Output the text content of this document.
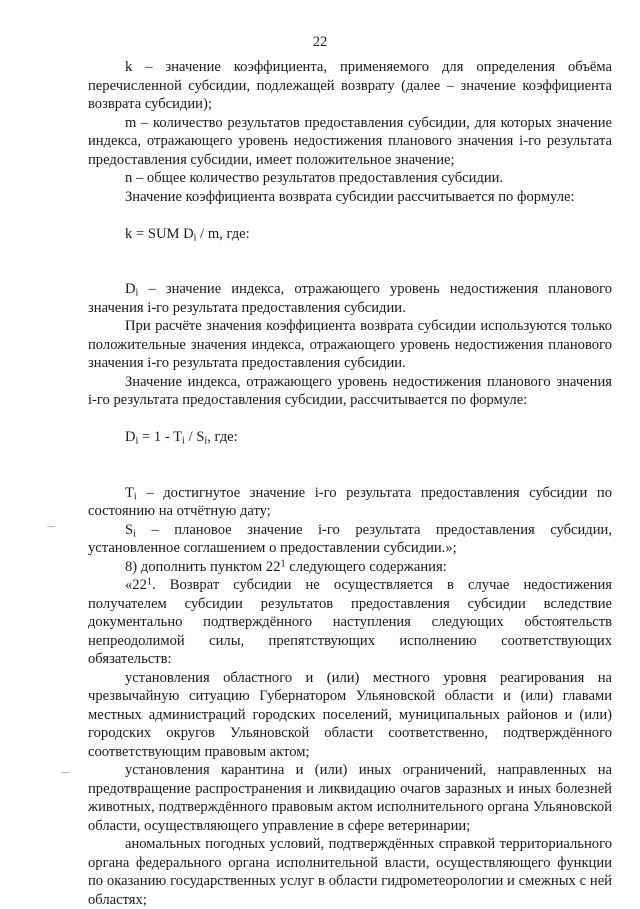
22

k – значение коэффициента, применяемого для определения объёма перечисленной субсидии, подлежащей возврату (далее – значение коэффициента возврата субсидии);

m – количество результатов предоставления субсидии, для которых значение индекса, отражающего уровень недостижения планового значения i-го результата предоставления субсидии, имеет положительное значение;

n – общее количество результатов предоставления субсидии.

Значение коэффициента возврата субсидии рассчитывается по формуле:

k = SUM $D_i$ / m, где:

$D_i$ – значение индекса, отражающего уровень недостижения планового значения i-го результата предоставления субсидии.

При расчёте значения коэффициента возврата субсидии используются только положительные значения индекса, отражающего уровень недостижения планового значения i-го результата предоставления субсидии.

Значение индекса, отражающего уровень недостижения планового значения i-го результата предоставления субсидии, рассчитывается по формуле:

$D_i = 1 - T_i / S_i$, где:

$T_i$ – достигнутое значение i-го результата предоставления субсидии по состоянию на отчётную дату;

$S_i$ – плановое значение i-го результата предоставления субсидии, установленное соглашением о предоставлении субсидии.»;

8) дополнить пунктом $22^1$ следующего содержания:

«$22^1$. Возврат субсидии не осуществляется в случае недостижения получателем субсидии результатов предоставления субсидии вследствие документально подтверждённого наступления следующих обстоятельств непреодолимой силы, препятствующих исполнению соответствующих обязательств:

установления областного и (или) местного уровня реагирования на чрезвычайную ситуацию Губернатором Ульяновской области и (или) главами местных администраций городских поселений, муниципальных районов и (или) городских округов Ульяновской области соответственно, подтверждённого соответствующим правовым актом;

установления карантина и (или) иных ограничений, направленных на предотвращение распространения и ликвидацию очагов заразных и иных болезней животных, подтверждённого правовым актом исполнительного органа Ульяновской области, осуществляющего управление в сфере ветеринарии;

аномальных погодных условий, подтверждённых справкой территориального органа федерального органа исполнительной власти, осуществляющего функции по оказанию государственных услуг в области гидрометеорологии и смежных с ней областях;
